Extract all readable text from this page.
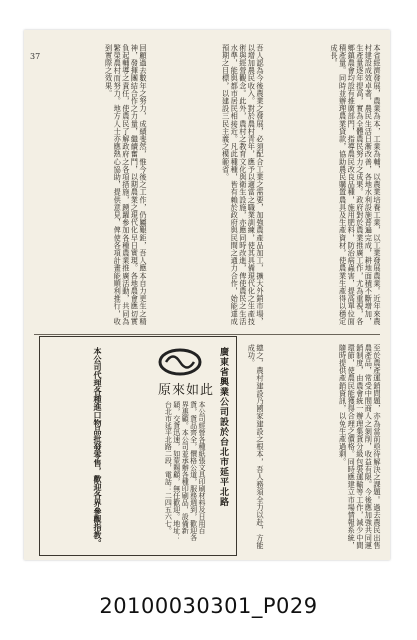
37	本省經濟發展，農業為本，工業為輔，以農業培養工業，以工業發展農業。近年來農村建設成效卓著，農民生活日漸改善，各地水利設施普遍完成，耕地面積不斷增加，生產量逐年提高，實為全體農民努力之成果。政府對於農業推廣工作，尤為重視，各鄉鎮農會均設有推廣部門，指導農民改良品種，施用肥料，防治病蟲害，提高單位面積產量。同時並辦理農業貸款，協助農民購置農具及生產資材，使農業生產得以穩定成長。
吾人認為今後農業之發展，必須配合工業之需要，加強農產品加工，擴大外銷市場，以增加農民收入。對於農村青年，應予以適當之職業訓練，使其具備現代化之生產技術與經營觀念。此外，農村之教育文化與衛生設施，亦應同時改進，俾使農民之生活水準，能與都市居民相接近。凡此種種，皆有賴於政府與民間之通力合作，始能達成預期之目標，以建設三民主義之模範省。
回顧過去數年之努力，成績斐然，惟今後之工作，仍屬艱鉅，吾人應本自力更生之精神，發揮團結合作之力量，繼續奮鬥，以期農業之現代化早日實現。各地農會應切實負起輔導之責任，使農民了解政府之各項措施，踴躍參加各種農業推廣活動，共同為繁榮農村而努力。地方人士亦應熱心協助，提供意見，俾使各項計畫能順利推行，收到實際之效果。
至於農產運銷問題，亦為當前亟待解決之課題。過去農民出售農產品，常受中間商人之剝削，收益有限。今後應加強共同運銷制度，由農會統一辦理集貨分級包裝運輸等工作，減少中間環節，使農民能獲得合理之價格。同時應建立市場情報系統，隨時提供產銷資訊，以免生產過剩。
總之，農村建設乃國家建設之根本，吾人務須全力以赴，方能成功。
原來如此 廣東省興業公司設於台北市延平北路
本公司經營各種紙張文具印刷材料及日用百貨，貨品齊全，價格公道，服務週到，歡迎各界惠顧。本公司並承辦各種印刷品，設備新穎，交貨迅速，如蒙賜顧，無任歡迎。地址：台北市延平北路二段，電話：二四五六七。
本公司代理各種進口物品批發零售，歡迎各界參觀指教。
20100030301_P029
